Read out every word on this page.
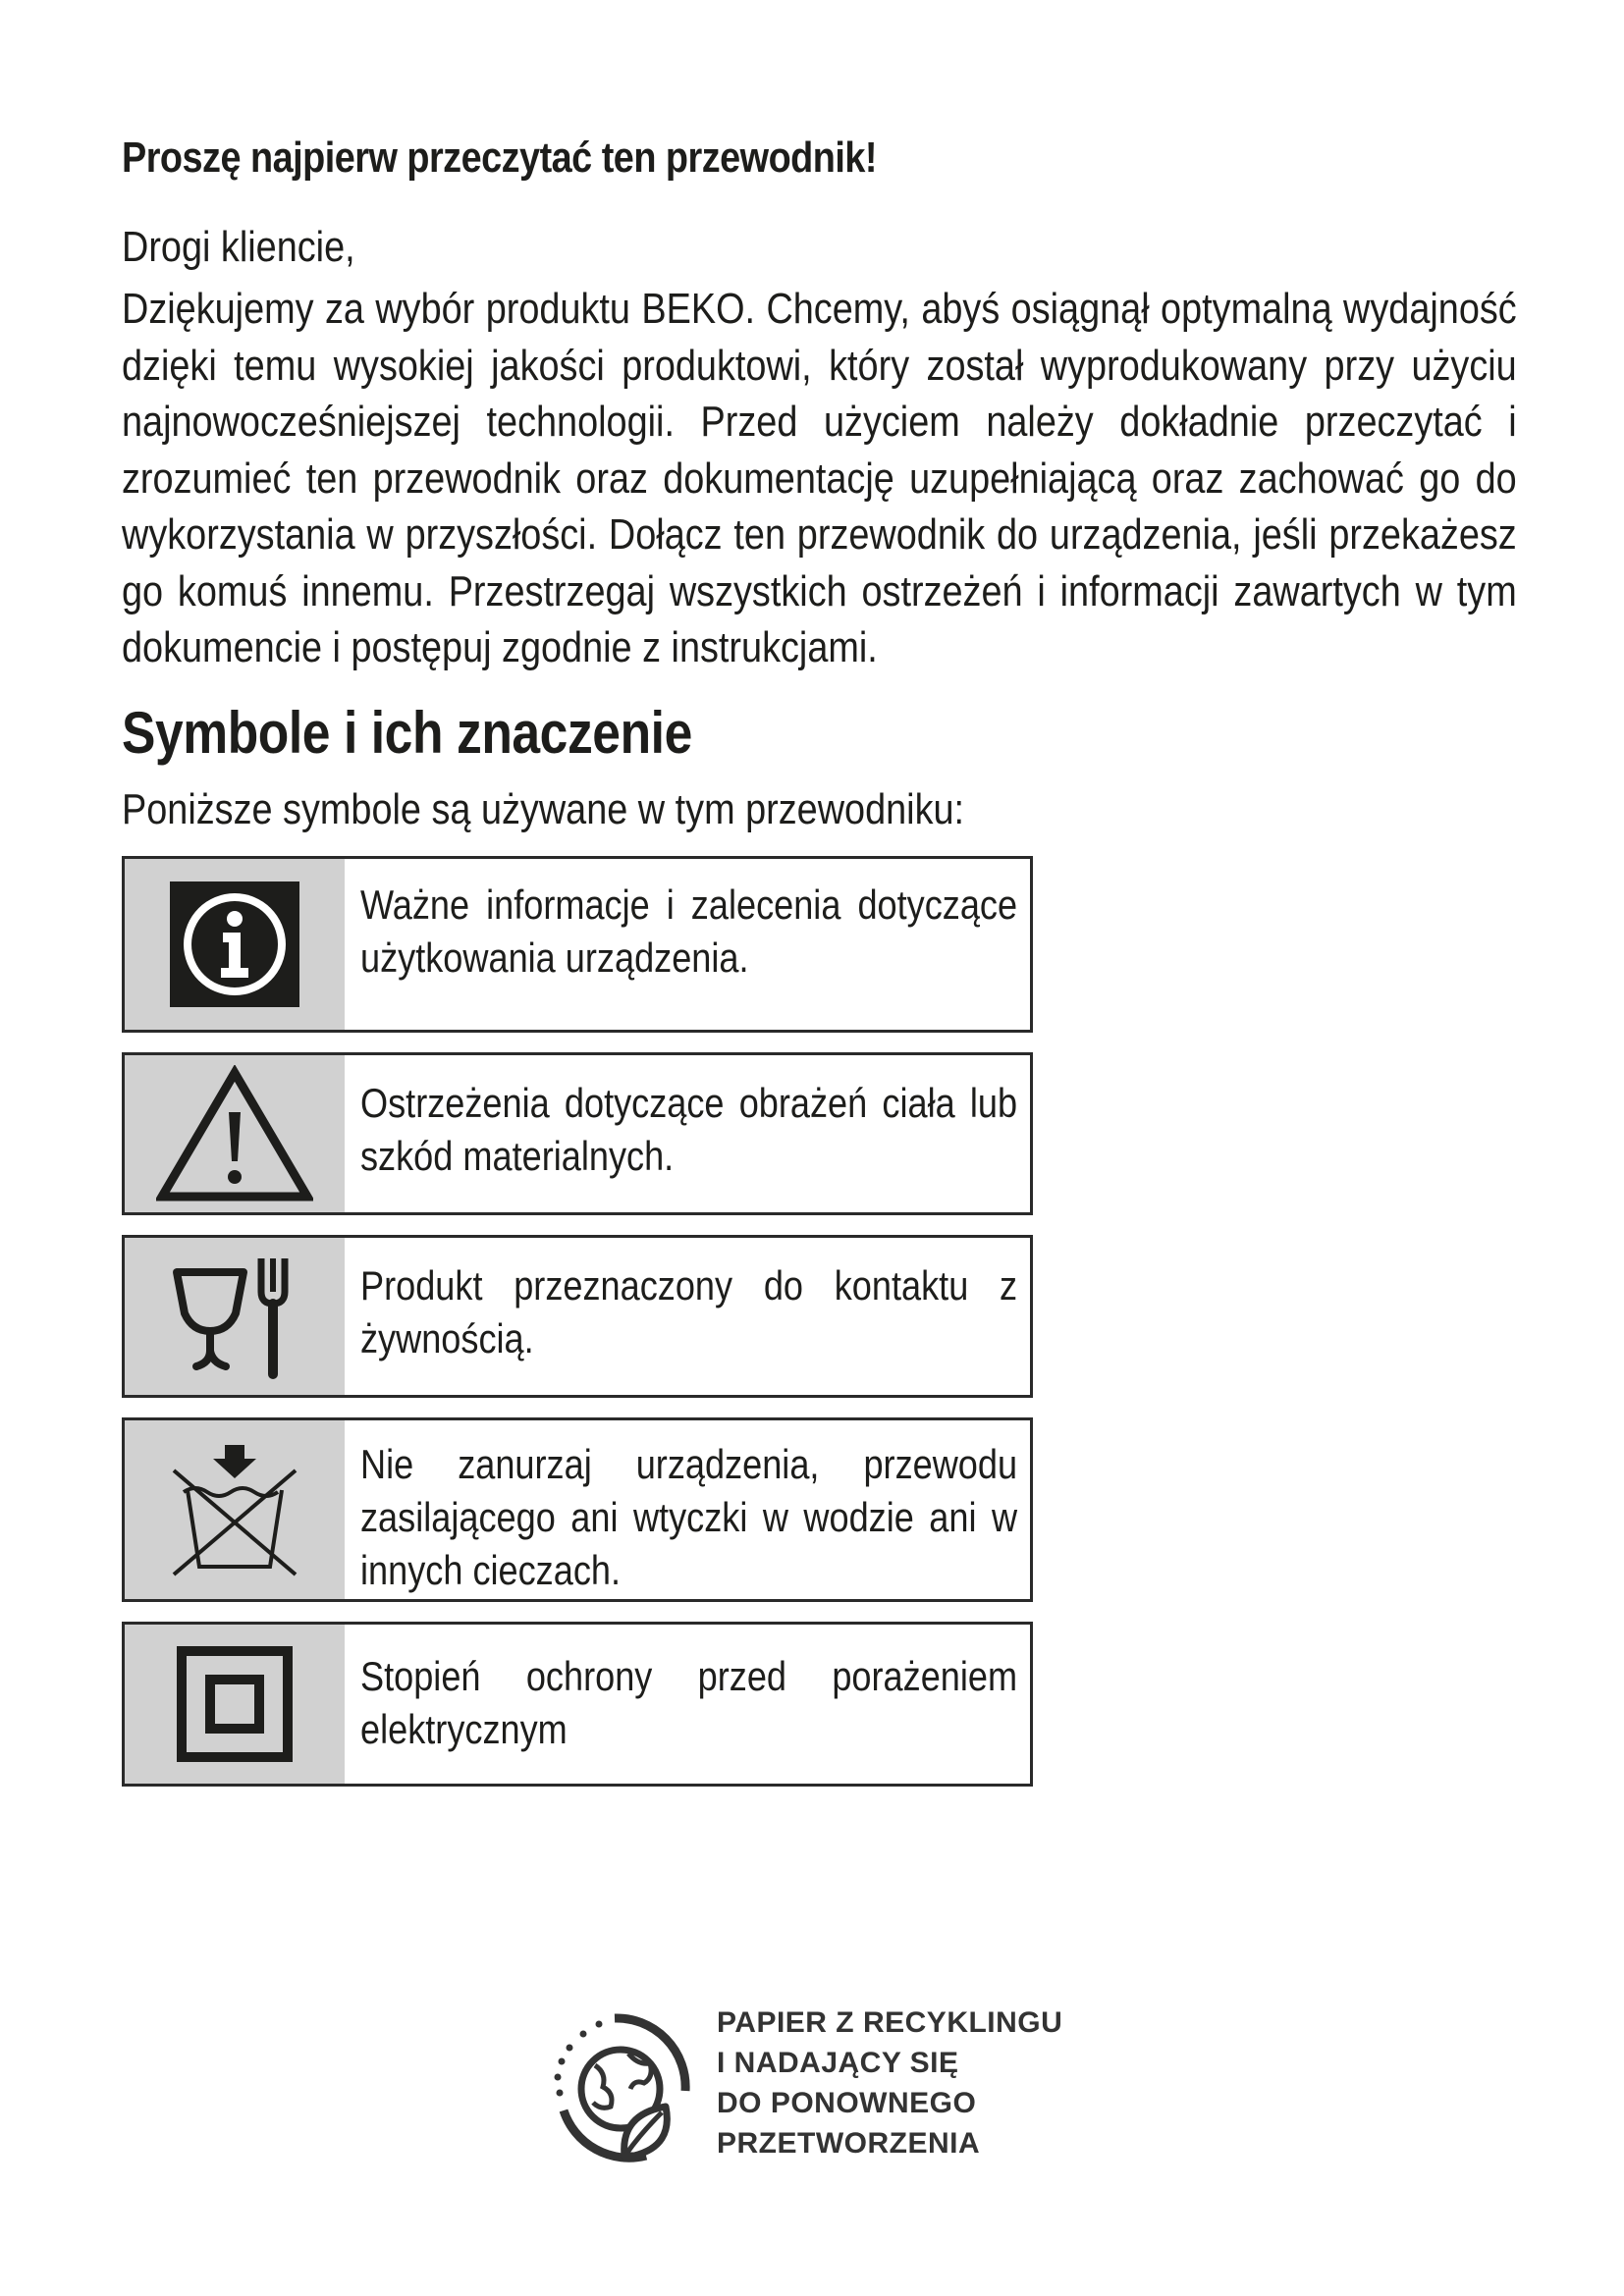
Proszę najpierw przeczytać ten przewodnik!

Drogi kliencie,

Dziękujemy za wybór produktu BEKO. Chcemy, abyś osiągnął optymalną wydajność dzięki temu wysokiej jakości produktowi, który został wyprodukowany przy użyciu najnowocześniejszej technologii. Przed użyciem należy dokładnie przeczytać i zrozumieć ten przewodnik oraz dokumentację uzupełniającą oraz zachować go do wykorzystania w przyszłości. Dołącz ten przewodnik do urządzenia, jeśli przekażesz go komuś innemu. Przestrzegaj wszystkich ostrzeżeń i informacji zawartych w tym dokumencie i postępuj zgodnie z instrukcjami.

Symbole i ich znaczenie

Poniższe symbole są używane w tym przewodniku:

Ważne informacje i zalecenia dotyczące użytkowania urządzenia.

Ostrzeżenia dotyczące obrażeń ciała lub szkód materialnych.

Produkt przeznaczony do kontaktu z żywnością.

Nie zanurzaj urządzenia, przewodu zasilającego ani wtyczki w wodzie ani w innych cieczach.

Stopień ochrony przed porażeniem elektrycznym

PAPIER Z RECYKLINGU
I NADAJĄCY SIĘ
DO PONOWNEGO
PRZETWORZENIA
